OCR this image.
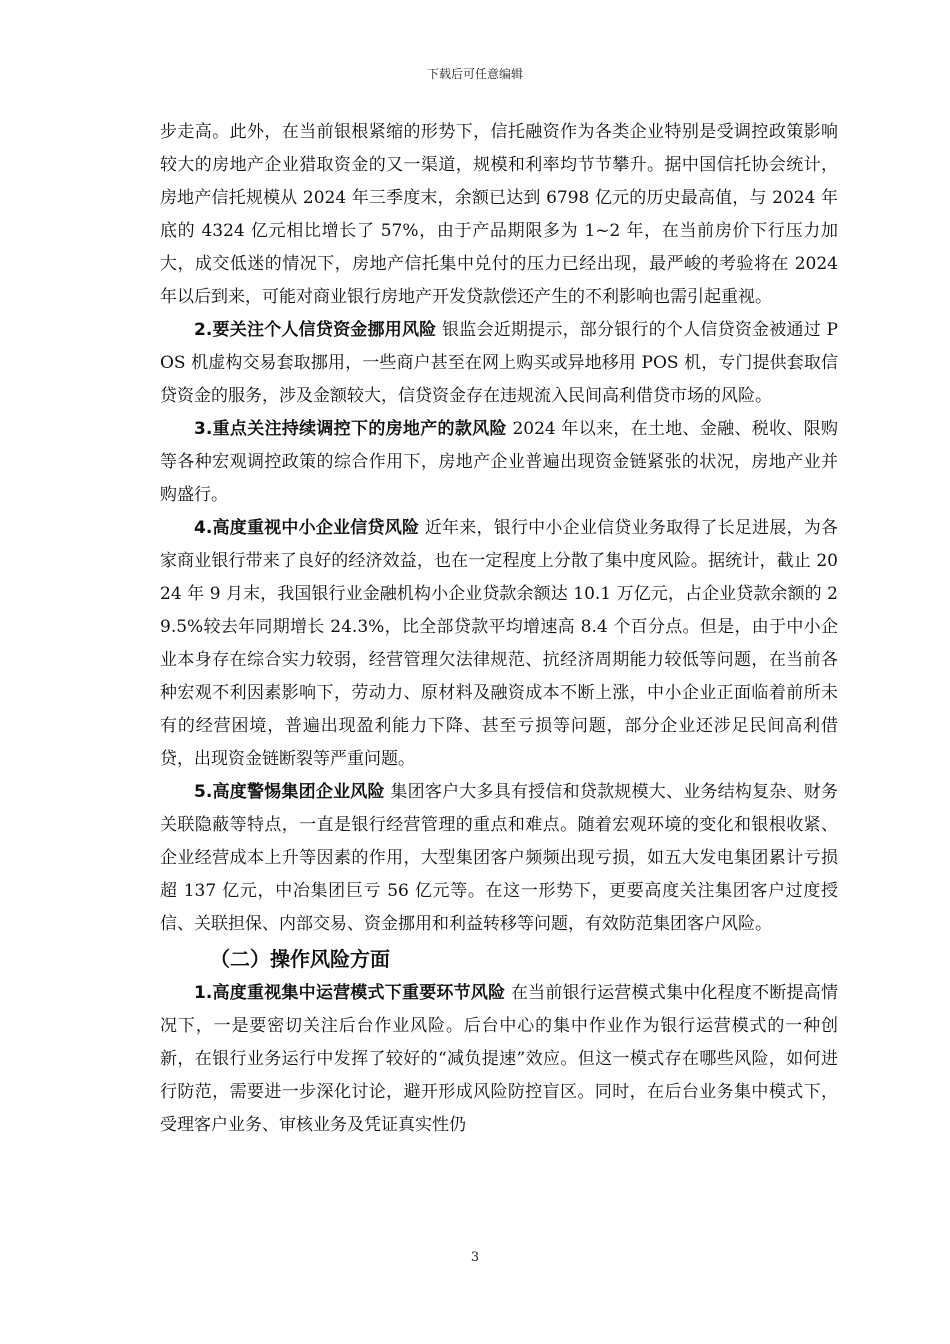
下载后可任意编辑

步走高。此外，在当前银根紧缩的形势下，信托融资作为各类企业特别是受调控政策影响较大的房地产企业猎取资金的又一渠道，规模和利率均节节攀升。据中国信托协会统计，房地产信托规模从 2024 年三季度末，余额已达到 6798 亿元的历史最高值，与 2024 年底的 4324 亿元相比增长了 57%，由于产品期限多为 1~2 年，在当前房价下行压力加大，成交低迷的情况下，房地产信托集中兑付的压力已经出现，最严峻的考验将在 2024 年以后到来，可能对商业银行房地产开发贷款偿还产生的不利影响也需引起重视。

2.要关注个人信贷资金挪用风险 银监会近期提示，部分银行的个人信贷资金被通过 POS 机虚构交易套取挪用，一些商户甚至在网上购买或异地移用 POS 机，专门提供套取信贷资金的服务，涉及金额较大，信贷资金存在违规流入民间高利借贷市场的风险。

3.重点关注持续调控下的房地产的款风险 2024 年以来，在土地、金融、税收、限购等各种宏观调控政策的综合作用下，房地产企业普遍出现资金链紧张的状况，房地产业并购盛行。

4.高度重视中小企业信贷风险 近年来，银行中小企业信贷业务取得了长足进展，为各家商业银行带来了良好的经济效益，也在一定程度上分散了集中度风险。据统计，截止 2024 年 9 月末，我国银行业金融机构小企业贷款余额达 10.1 万亿元，占企业贷款余额的 29.5%较去年同期增长 24.3%，比全部贷款平均增速高 8.4 个百分点。但是，由于中小企业本身存在综合实力较弱，经营管理欠法律规范、抗经济周期能力较低等问题，在当前各种宏观不利因素影响下，劳动力、原材料及融资成本不断上涨，中小企业正面临着前所未有的经营困境，普遍出现盈利能力下降、甚至亏损等问题，部分企业还涉足民间高利借贷，出现资金链断裂等严重问题。

5.高度警惕集团企业风险 集团客户大多具有授信和贷款规模大、业务结构复杂、财务关联隐蔽等特点，一直是银行经营管理的重点和难点。随着宏观环境的变化和银根收紧、企业经营成本上升等因素的作用，大型集团客户频频出现亏损，如五大发电集团累计亏损超 137 亿元，中冶集团巨亏 56 亿元等。在这一形势下，更要高度关注集团客户过度授信、关联担保、内部交易、资金挪用和利益转移等问题，有效防范集团客户风险。

（二）操作风险方面

1.高度重视集中运营模式下重要环节风险 在当前银行运营模式集中化程度不断提高情况下，一是要密切关注后台作业风险。后台中心的集中作业作为银行运营模式的一种创新，在银行业务运行中发挥了较好的“减负提速”效应。但这一模式存在哪些风险，如何进行防范，需要进一步深化讨论，避开形成风险防控盲区。同时，在后台业务集中模式下，受理客户业务、审核业务及凭证真实性仍

3
